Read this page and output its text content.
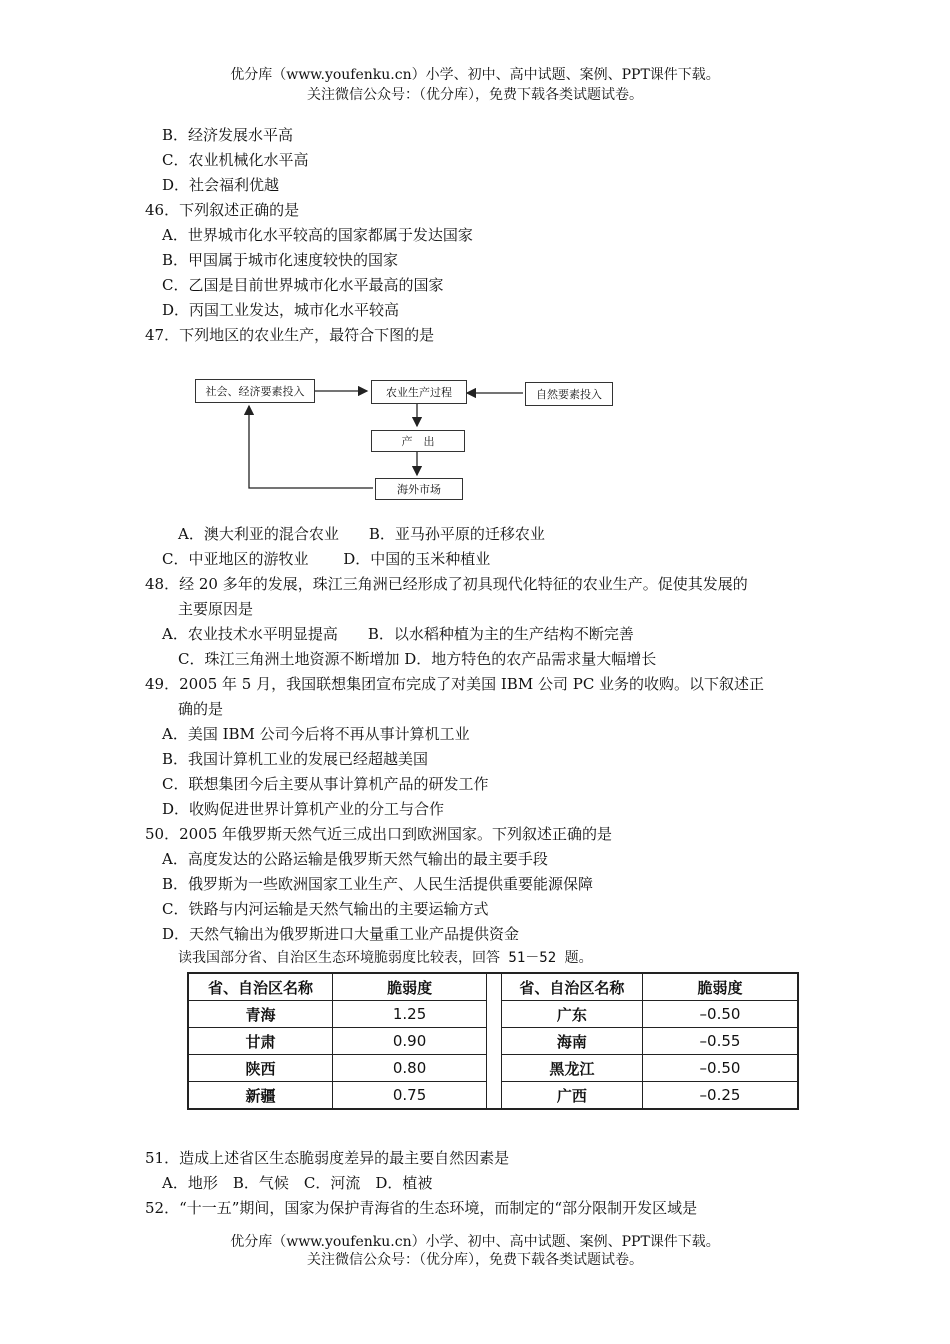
优分库（www.youfenku.cn）小学、初中、高中试题、案例、PPT课件下载。
关注微信公众号：（优分库），免费下载各类试题试卷。
B．经济发展水平高
C．农业机械化水平高
D．社会福利优越
46．下列叙述正确的是
A．世界城市化水平较高的国家都属于发达国家
B．甲国属于城市化速度较快的国家
C．乙国是目前世界城市化水平最高的国家
D．丙国工业发达，城市化水平较高
47．下列地区的农业生产，最符合下图的是
社会、经济要素投入	农业生产过程	自然要素投入
产　出
海外市场
A．澳大利亚的混合农业　　B．亚马孙平原的迁移农业
C．中亚地区的游牧业　　 D．中国的玉米种植业
48．经 20 多年的发展，珠江三角洲已经形成了初具现代化特征的农业生产。促使其发展的
主要原因是
A．农业技术水平明显提高　　B．以水稻种植为主的生产结构不断完善
C．珠江三角洲土地资源不断增加 D．地方特色的农产品需求量大幅增长
49．2005 年 5 月，我国联想集团宣布完成了对美国 IBM 公司 PC 业务的收购。以下叙述正
确的是
A．美国 IBM 公司今后将不再从事计算机工业
B．我国计算机工业的发展已经超越美国
C．联想集团今后主要从事计算机产品的研发工作
D．收购促进世界计算机产业的分工与合作
50．2005 年俄罗斯天然气近三成出口到欧洲国家。下列叙述正确的是
A．高度发达的公路运输是俄罗斯天然气输出的最主要手段
B．俄罗斯为一些欧洲国家工业生产、人民生活提供重要能源保障
C．铁路与内河运输是天然气输出的主要运输方式
D．天然气输出为俄罗斯进口大量重工业产品提供资金
读我国部分省、自治区生态环境脆弱度比较表，回答 51－52 题。
省、自治区名称	脆弱度		省、自治区名称	脆弱度
青海	1.25		广东	–0.50
甘肃	0.90		海南	–0.55
陕西	0.80		黑龙江	–0.50
新疆	0.75		广西	–0.25
51．造成上述省区生态脆弱度差异的最主要自然因素是
A．地形　B．气候　C．河流　D．植被
52．“十一五”期间，国家为保护青海省的生态环境，而制定的“部分限制开发区域是
优分库（www.youfenku.cn）小学、初中、高中试题、案例、PPT课件下载。
关注微信公众号：（优分库），免费下载各类试题试卷。
